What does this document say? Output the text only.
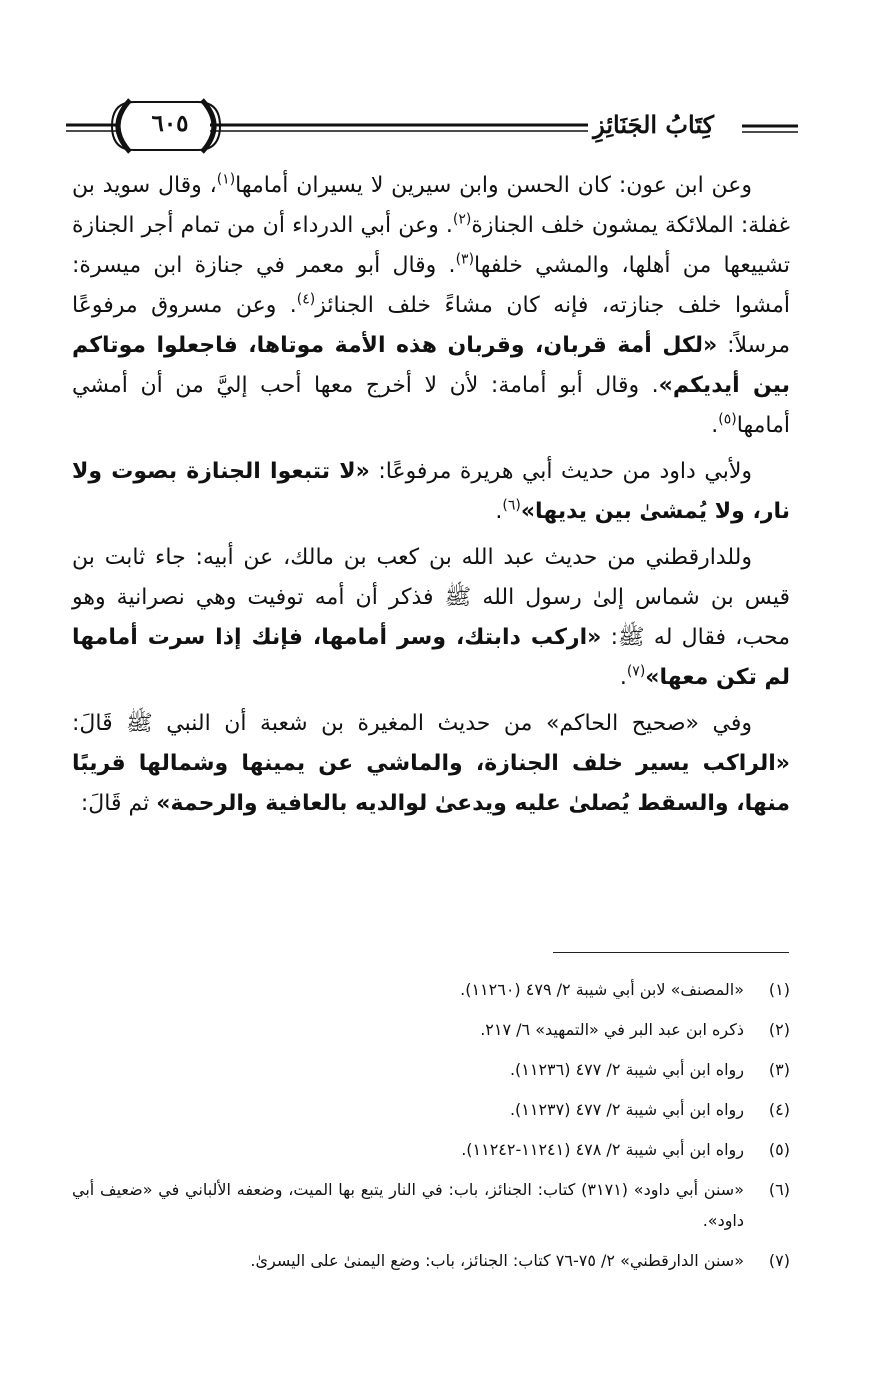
كِتَابُ الجَنَائِزِ
٦٠٥

وعن ابن عون: كان الحسن وابن سيرين لا يسيران أمامها$^{(١)}$، وقال سويد بن غفلة: الملائكة يمشون خلف الجنازة$^{(٢)}$. وعن أبي الدرداء أن من تمام أجر الجنازة تشييعها من أهلها، والمشي خلفها$^{(٣)}$. وقال أبو معمر في جنازة ابن ميسرة: أمشوا خلف جنازته، فإنه كان مشاءً خلف الجنائز$^{(٤)}$. وعن مسروق مرفوعًا مرسلاً: «لكل أمة قربان، وقربان هذه الأمة موتاها، فاجعلوا موتاكم بين أيديكم». وقال أبو أمامة: لأن لا أخرج معها أحب إليَّ من أن أمشي أمامها$^{(٥)}$.

ولأبي داود من حديث أبي هريرة مرفوعًا: «لا تتبعوا الجنازة بصوت ولا نار، ولا يُمشىٰ بين يديها»$^{(٦)}$.

وللدارقطني من حديث عبد الله بن كعب بن مالك، عن أبيه: جاء ثابت بن قيس بن شماس إلىٰ رسول الله ﷺ فذكر أن أمه توفيت وهي نصرانية وهو محب، فقال له ﷺ: «اركب دابتك، وسر أمامها، فإنك إذا سرت أمامها لم تكن معها»$^{(٧)}$.

وفي «صحيح الحاكم» من حديث المغيرة بن شعبة أن النبي ﷺ قَالَ: «الراكب يسير خلف الجنازة، والماشي عن يمينها وشمالها قريبًا منها، والسقط يُصلىٰ عليه ويدعىٰ لوالديه بالعافية والرحمة» ثم قَالَ:

(١)
«المصنف» لابن أبي شيبة ٢/ ٤٧٩ (١١٢٦٠).
(٢)
ذكره ابن عبد البر في «التمهيد» ٦/ ٢١٧.
(٣)
رواه ابن أبي شيبة ٢/ ٤٧٧ (١١٢٣٦).
(٤)
رواه ابن أبي شيبة ٢/ ٤٧٧ (١١٢٣٧).
(٥)
رواه ابن أبي شيبة ٢/ ٤٧٨ (١١٢٤١-١١٢٤٢).
(٦)
«سنن أبي داود» (٣١٧١) كتاب: الجنائز، باب: في النار يتبع بها الميت، وضعفه الألباني في «ضعيف أبي داود».
(٧)
«سنن الدارقطني» ٢/ ٧٥-٧٦ كتاب: الجنائز، باب: وضع اليمنىٰ على اليسرىٰ.
